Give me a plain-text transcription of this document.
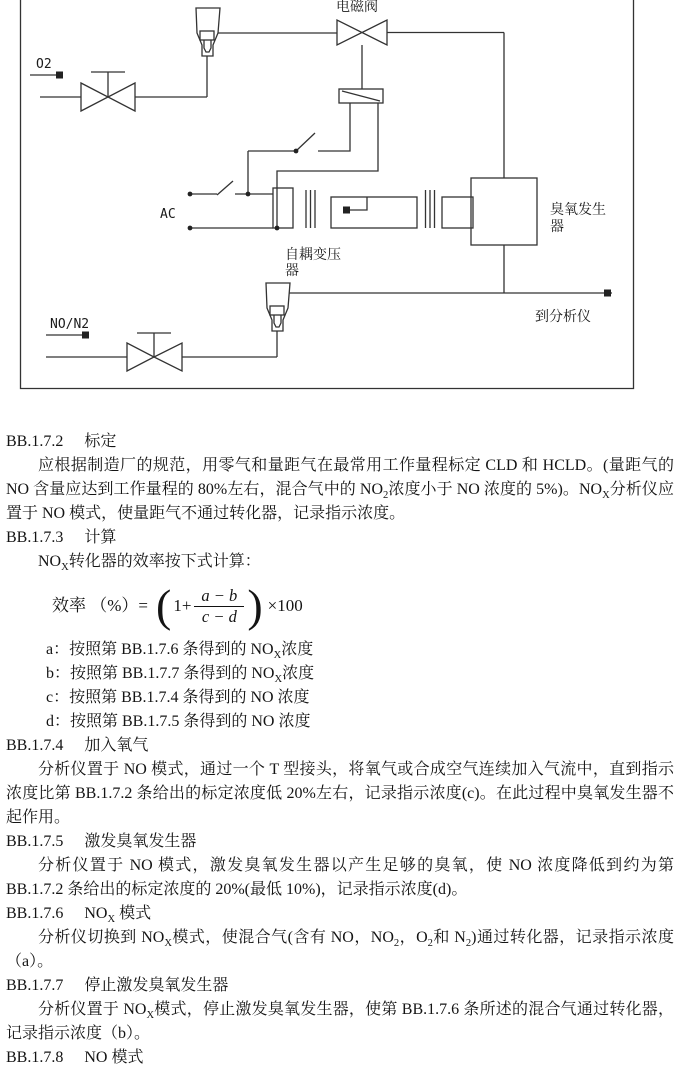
O2
电磁阀
AC
自耦变压
器
臭氧发生
器
到分析仪
NO/N2
BB.1.7.2 标定

应根据制造厂的规范，用零气和量距气在最常用工作量程标定 CLD 和 HCLD。(量距气的 NO 含量应达到工作量程的 80%左右，混合气中的 $NO_2$浓度小于 NO 浓度的 5%)。$NO_X$分析仪应置于 NO 模式，使量距气不通过转化器，记录指示浓度。

BB.1.7.3 计算

$NO_X$转化器的效率按下式计算：

效率 （%）= ( $1+ \frac{a - b}{c - d}$ ) ×100

a：按照第 BB.1.7.6 条得到的 $NO_X$浓度

b：按照第 BB.1.7.7 条得到的 $NO_X$浓度

c：按照第 BB.1.7.4 条得到的 NO 浓度

d：按照第 BB.1.7.5 条得到的 NO 浓度

BB.1.7.4 加入氧气

分析仪置于 NO 模式，通过一个 T 型接头，将氧气或合成空气连续加入气流中，直到指示浓度比第 BB.1.7.2 条给出的标定浓度低 20%左右，记录指示浓度(c)。在此过程中臭氧发生器不起作用。

BB.1.7.5 激发臭氧发生器

分析仪置于 NO 模式，激发臭氧发生器以产生足够的臭氧，使 NO 浓度降低到约为第 BB.1.7.2 条给出的标定浓度的 20%(最低 10%)，记录指示浓度(d)。

BB.1.7.6 $NO_X$ 模式

分析仪切换到 $NO_X$模式，使混合气(含有 NO，$NO_2$，$O_2$和 $N_2$)通过转化器，记录指示浓度（a）。

BB.1.7.7 停止激发臭氧发生器

分析仪置于 $NO_X$模式，停止激发臭氧发生器，使第 BB.1.7.6 条所述的混合气通过转化器，记录指示浓度（b）。

BB.1.7.8 NO 模式
